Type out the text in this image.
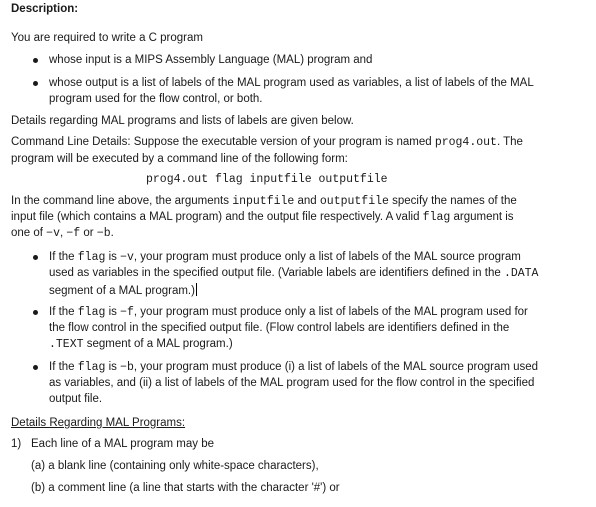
Description:
You are required to write a C program
whose input is a MIPS Assembly Language (MAL) program and
whose output is a list of labels of the MAL program used as variables, a list of labels of the MAL
program used for the flow control, or both.
Details regarding MAL programs and lists of labels are given below.
Command Line Details: Suppose the executable version of your program is named prog4.out. The
program will be executed by a command line of the following form:
prog4.out flag inputfile outputfile
In the command line above, the arguments inputfile and outputfile specify the names of the
input file (which contains a MAL program) and the output file respectively. A valid flag argument is
one of −v, −f or −b.
If the flag is −v, your program must produce only a list of labels of the MAL source program
used as variables in the specified output file. (Variable labels are identifiers defined in the .DATA
segment of a MAL program.)
If the flag is −f, your program must produce only a list of labels of the MAL program used for
the flow control in the specified output file. (Flow control labels are identifiers defined in the
.TEXT segment of a MAL program.)
If the flag is −b, your program must produce (i) a list of labels of the MAL source program used
as variables, and (ii) a list of labels of the MAL program used for the flow control in the specified
output file.
Details Regarding MAL Programs:
1) Each line of a MAL program may be
(a) a blank line (containing only white-space characters),
(b) a comment line (a line that starts with the character '#') or
